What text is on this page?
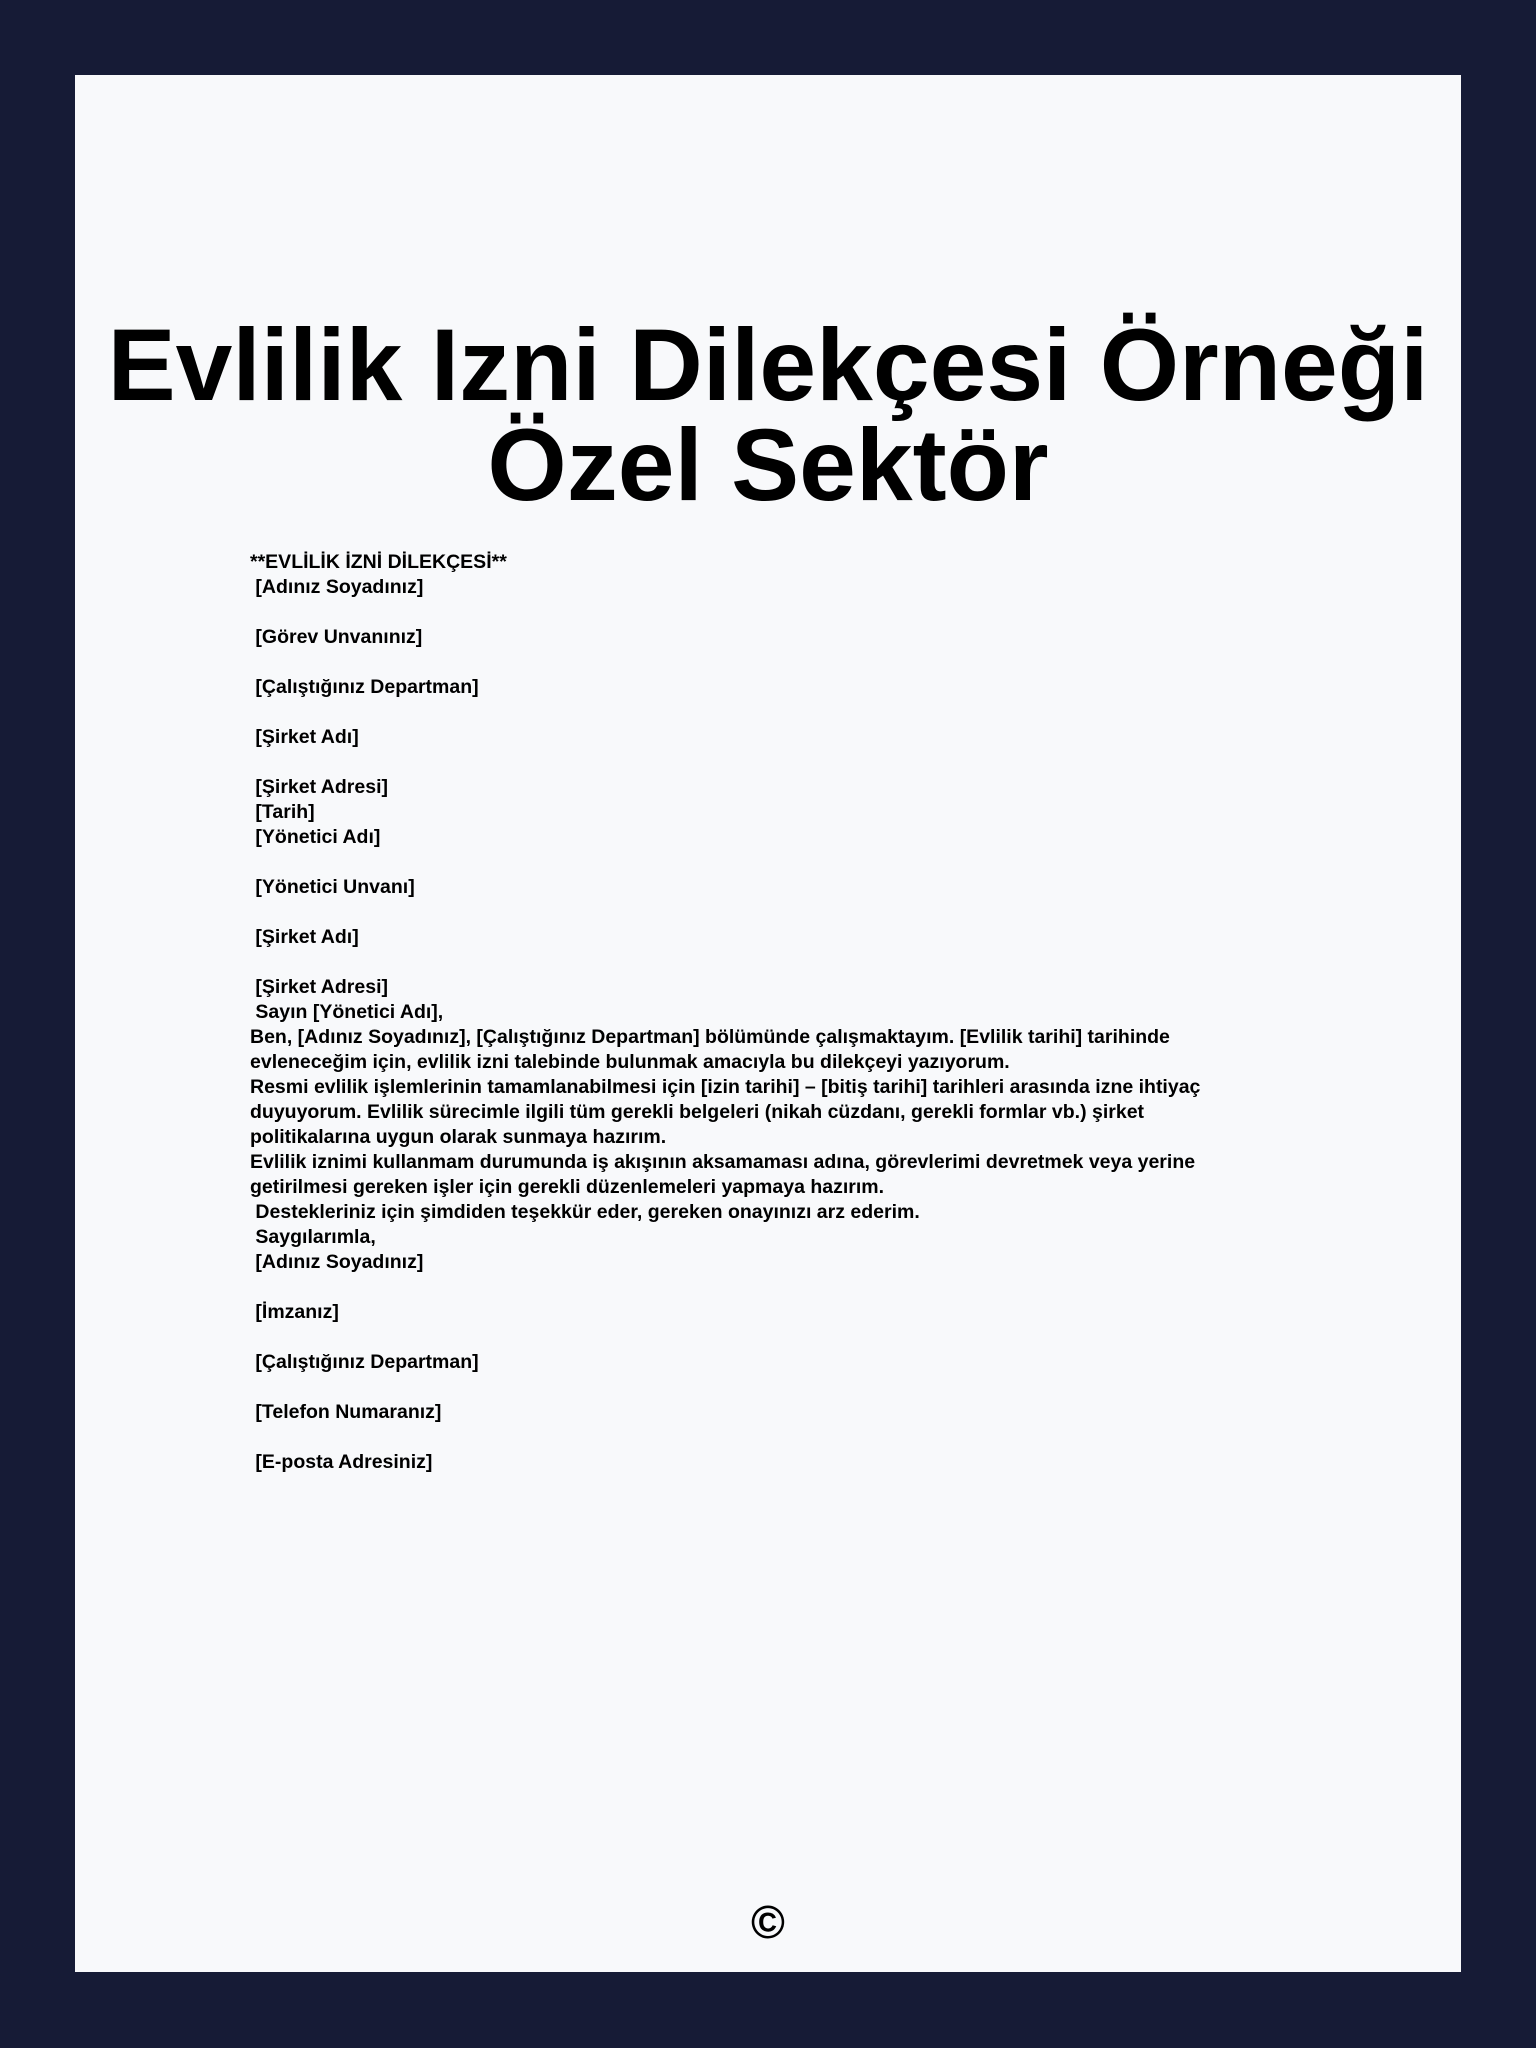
Evlilik Izni Dilekçesi Örneği
Özel Sektör
**EVLİLİK İZNİ DİLEKÇESİ**
[Adınız Soyadınız]
[Görev Unvanınız]
[Çalıştığınız Departman]
[Şirket Adı]
[Şirket Adresi]
[Tarih]
[Yönetici Adı]
[Yönetici Unvanı]
[Şirket Adı]
[Şirket Adresi]
Sayın [Yönetici Adı],
Ben, [Adınız Soyadınız], [Çalıştığınız Departman] bölümünde çalışmaktayım. [Evlilik tarihi] tarihinde evleneceğim için, evlilik izni talebinde bulunmak amacıyla bu dilekçeyi yazıyorum.
Resmi evlilik işlemlerinin tamamlanabilmesi için [izin tarihi] – [bitiş tarihi] tarihleri arasında izne ihtiyaç duyuyorum. Evlilik sürecimle ilgili tüm gerekli belgeleri (nikah cüzdanı, gerekli formlar vb.) şirket politikalarına uygun olarak sunmaya hazırım.
Evlilik iznimi kullanmam durumunda iş akışının aksamaması adına, görevlerimi devretmek veya yerine getirilmesi gereken işler için gerekli düzenlemeleri yapmaya hazırım.
Destekleriniz için şimdiden teşekkür eder, gereken onayınızı arz ederim.
Saygılarımla,
[Adınız Soyadınız]
[İmzanız]
[Çalıştığınız Departman]
[Telefon Numaranız]
[E-posta Adresiniz]
©
